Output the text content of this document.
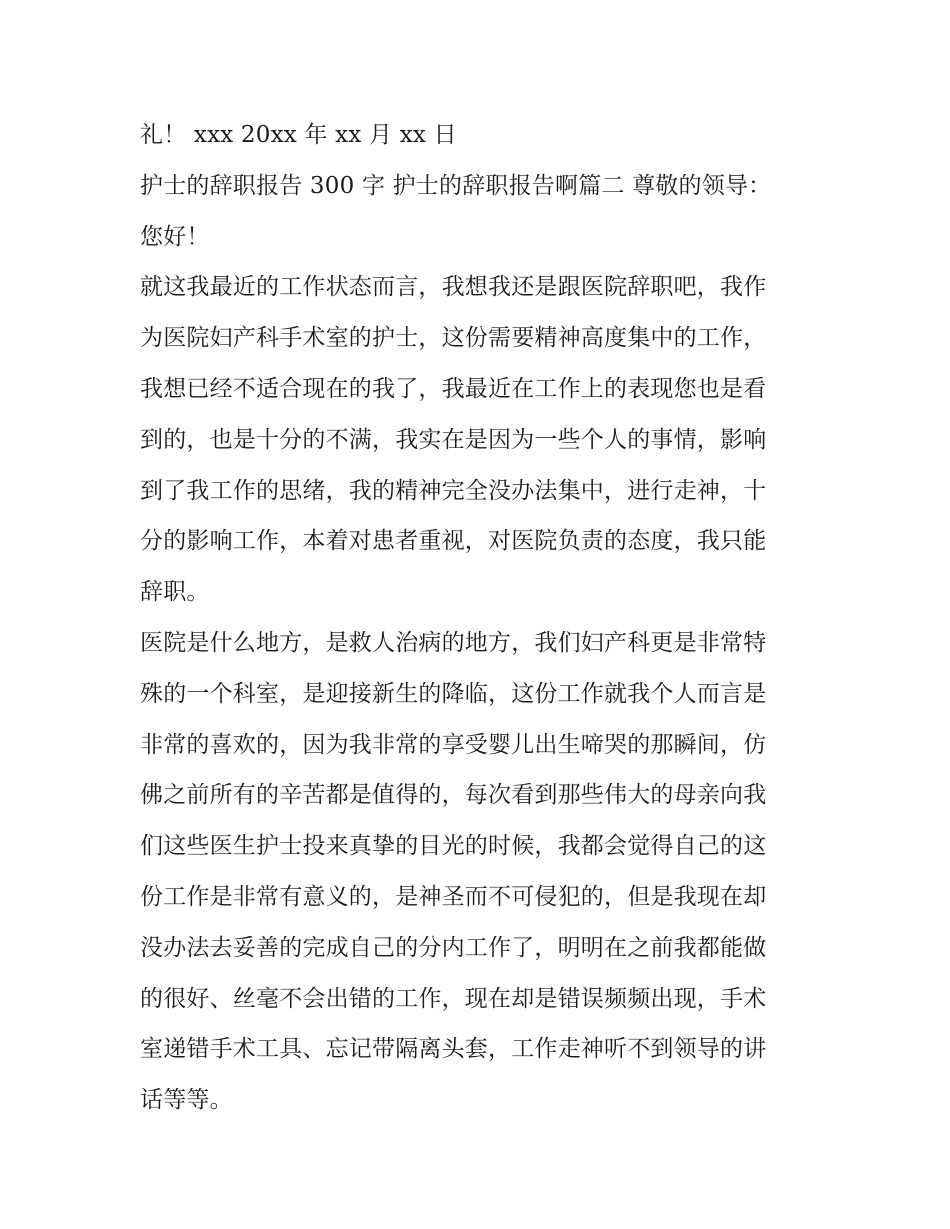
礼！ xxx 20xx 年 xx 月 xx 日
护士的辞职报告 300 字 护士的辞职报告啊篇二 尊敬的领导：
您好！
就这我最近的工作状态而言，我想我还是跟医院辞职吧，我作
为医院妇产科手术室的护士，这份需要精神高度集中的工作，
我想已经不适合现在的我了，我最近在工作上的表现您也是看
到的，也是十分的不满，我实在是因为一些个人的事情，影响
到了我工作的思绪，我的精神完全没办法集中，进行走神，十
分的影响工作，本着对患者重视，对医院负责的态度，我只能
辞职。
医院是什么地方，是救人治病的地方，我们妇产科更是非常特
殊的一个科室，是迎接新生的降临，这份工作就我个人而言是
非常的喜欢的，因为我非常的享受婴儿出生啼哭的那瞬间，仿
佛之前所有的辛苦都是值得的，每次看到那些伟大的母亲向我
们这些医生护士投来真挚的目光的时候，我都会觉得自己的这
份工作是非常有意义的，是神圣而不可侵犯的，但是我现在却
没办法去妥善的完成自己的分内工作了，明明在之前我都能做
的很好、丝毫不会出错的工作，现在却是错误频频出现，手术
室递错手术工具、忘记带隔离头套，工作走神听不到领导的讲
话等等。
